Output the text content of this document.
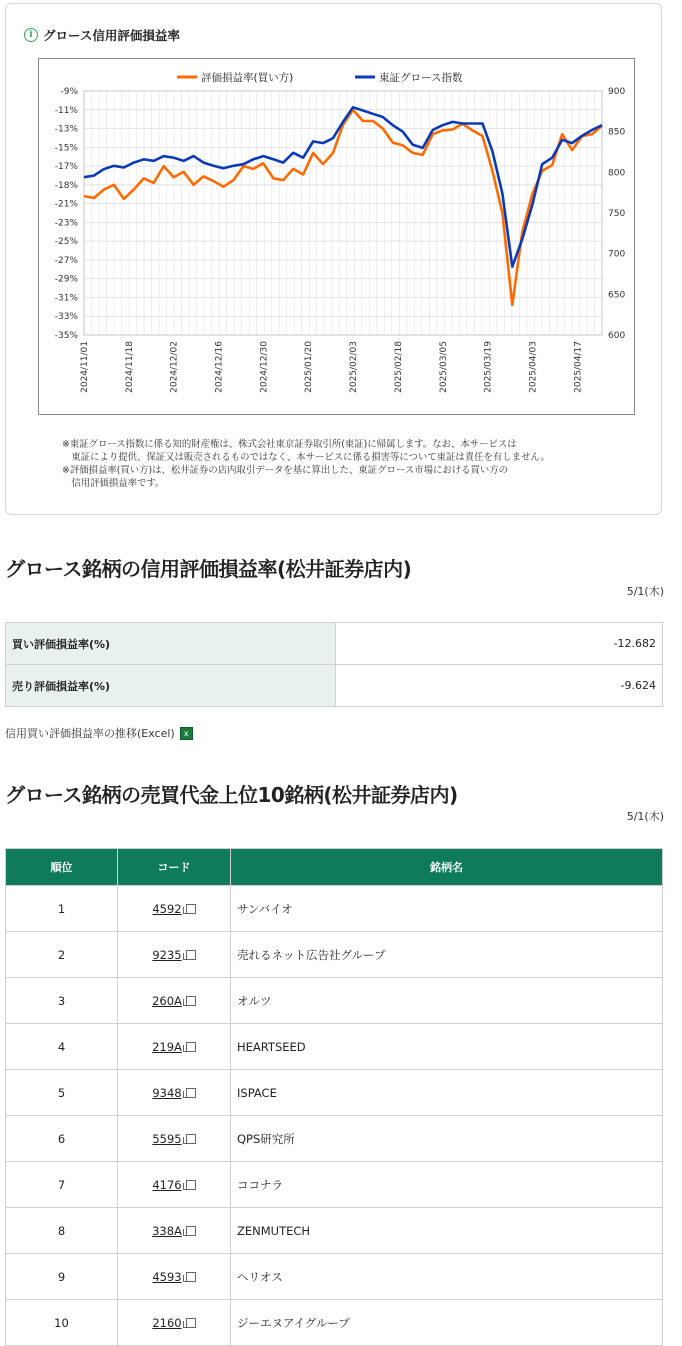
i グロース信用評価損益率
-9%
-11%
-13%
-15%
-17%
-18%
-21%
-23%
-25%
-27%
-29%
-31%
-33%
-35%
900
850
800
750
700
650
600
2024/11/01	2024/11/18	2024/12/02	2024/12/16	2024/12/30	2025/01/20	2025/02/03	2025/02/18	2025/03/05	2025/03/19	2025/04/03	2025/04/17
評価損益率(買い方)	東証グロース指数
※東証グロース指数に係る知的財産権は、株式会社東京証券取引所(東証)に帰属します。なお、本サービスは
　東証により提供、保証又は販売されるものではなく、本サービスに係る損害等について東証は責任を有しません。
※評価損益率(買い方)は、松井証券の店内取引データを基に算出した、東証グロース市場における買い方の
　信用評価損益率です。
グロース銘柄の信用評価損益率(松井証券店内)
5/1(木)
買い評価損益率(%)	-12.682
売り評価損益率(%)	-9.624
信用買い評価損益率の推移(Excel)	x
グロース銘柄の売買代金上位10銘柄(松井証券店内)
5/1(木)
順位	コード	銘柄名
1	4592	サンバイオ
2	9235	売れるネット広告社グループ
3	260A	オルツ
4	219A	HEARTSEED
5	9348	ISPACE
6	5595	QPS研究所
7	4176	ココナラ
8	338A	ZENMUTECH
9	4593	ヘリオス
10	2160	ジーエヌアイグループ
